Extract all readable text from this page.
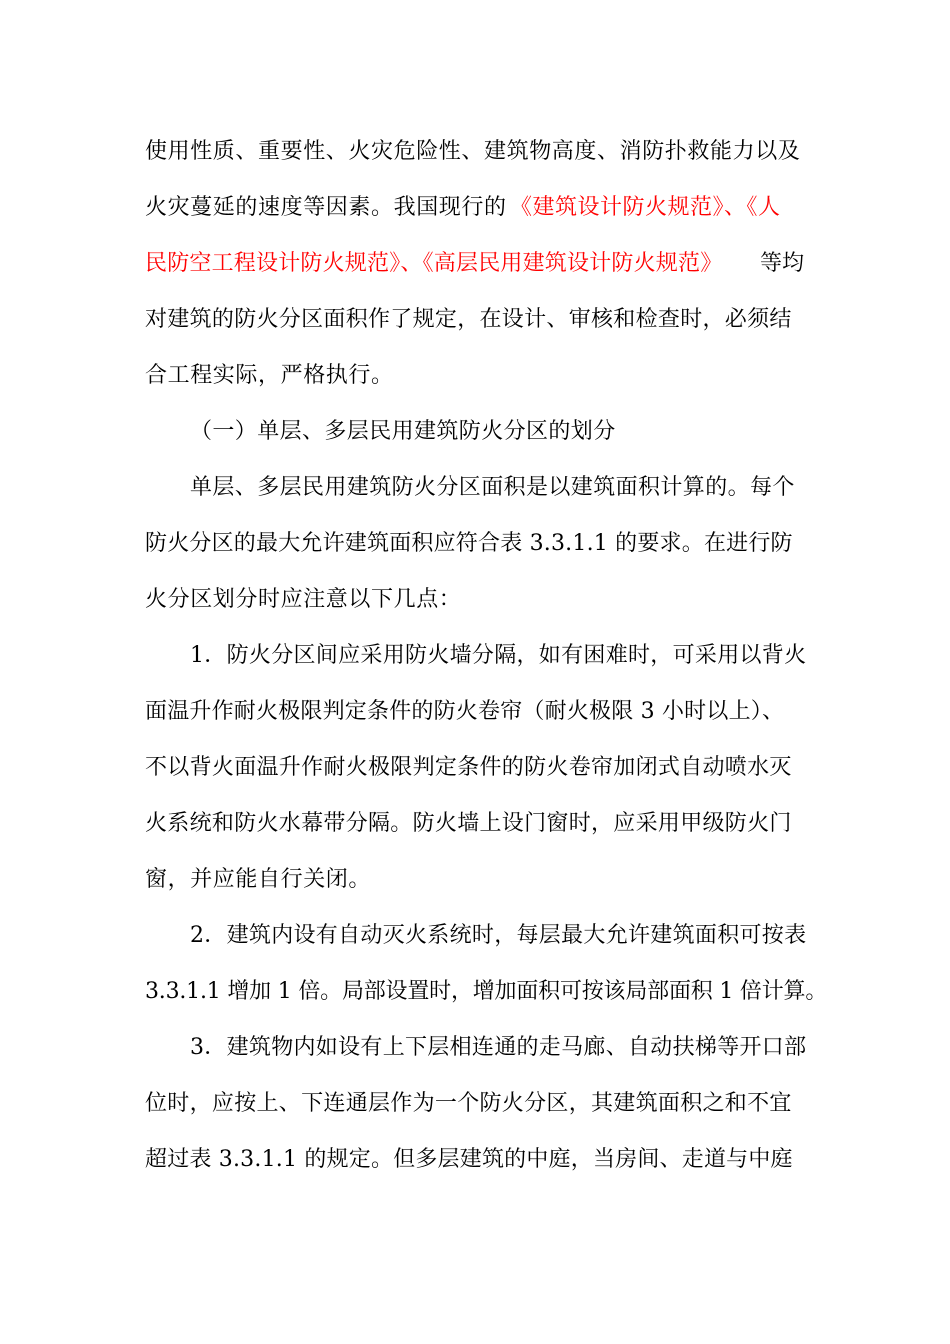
使用性质、重要性、火灾危险性、建筑物高度、消防扑救能力以及
火灾蔓延的速度等因素。我国现行的 《建筑设计防火规范》、《人
民防空工程设计防火规范》、《高层民用建筑设计防火规范》 等均
对建筑的防火分区面积作了规定，在设计、审核和检查时，必须结
合工程实际，严格执行。
（一）单层、多层民用建筑防火分区的划分
单层、多层民用建筑防火分区面积是以建筑面积计算的。每个
防火分区的最大允许建筑面积应符合表 3.3.1.1 的要求。在进行防
火分区划分时应注意以下几点：
1．防火分区间应采用防火墙分隔，如有困难时，可采用以背火
面温升作耐火极限判定条件的防火卷帘（耐火极限 3 小时以上）、
不以背火面温升作耐火极限判定条件的防火卷帘加闭式自动喷水灭
火系统和防火水幕带分隔。防火墙上设门窗时，应采用甲级防火门
窗，并应能自行关闭。
2．建筑内设有自动灭火系统时，每层最大允许建筑面积可按表
3.3.1.1 增加 1 倍。局部设置时，增加面积可按该局部面积 1 倍计算。
3．建筑物内如设有上下层相连通的走马廊、自动扶梯等开口部
位时，应按上、下连通层作为一个防火分区，其建筑面积之和不宜
超过表 3.3.1.1 的规定。但多层建筑的中庭，当房间、走道与中庭
